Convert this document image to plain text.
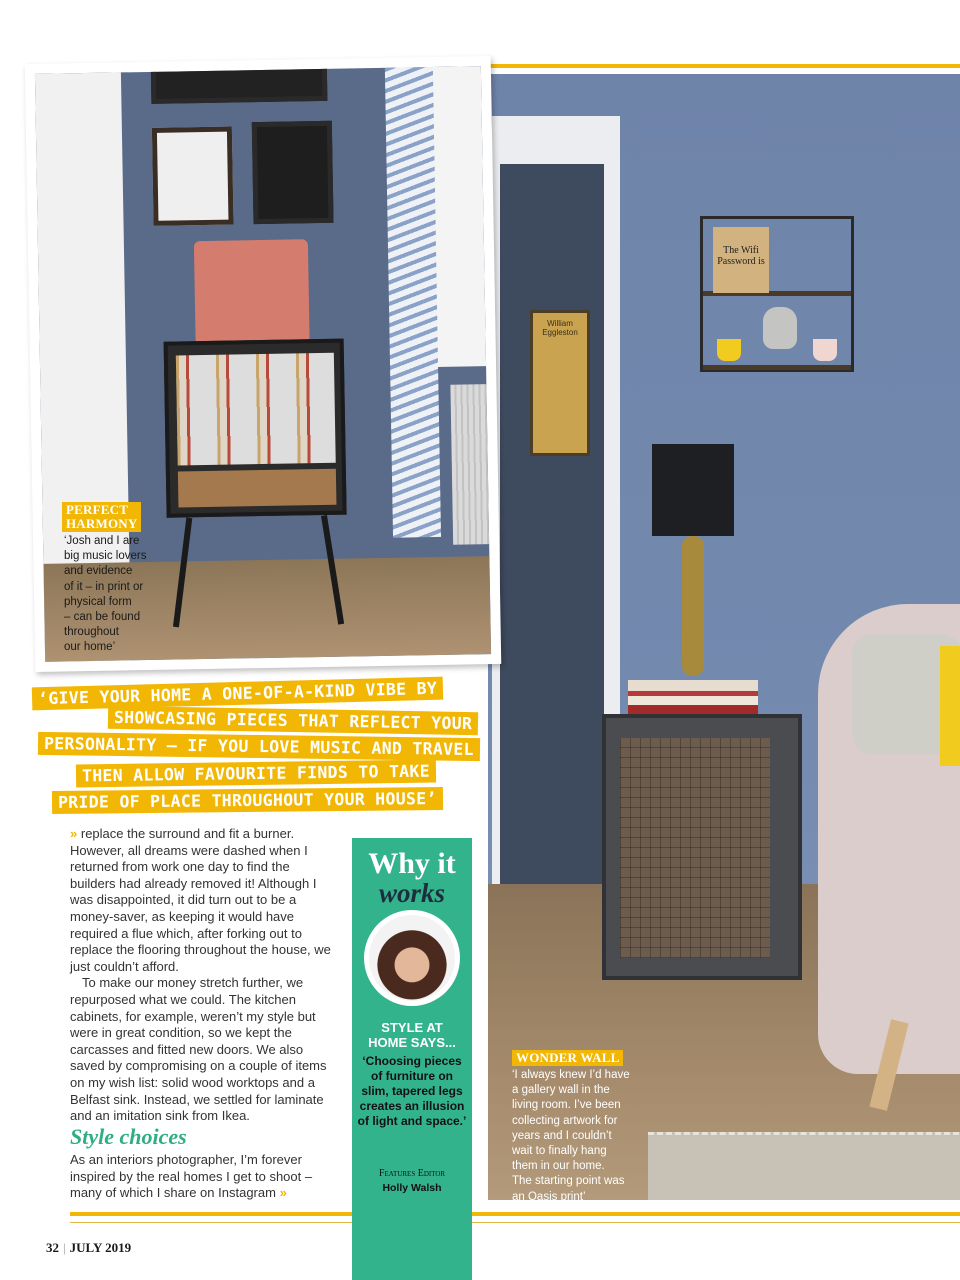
William Eggleston
The Wifi Password is
PERFECT
HARMONY
‘Josh and I are
big music lovers
and evidence
of it – in print or
physical form
– can be found
throughout
our home’
‘GIVE YOUR HOME A ONE-OF-A-KIND VIBE BY
SHOWCASING PIECES THAT REFLECT YOUR
PERSONALITY – IF YOU LOVE MUSIC AND TRAVEL
THEN ALLOW FAVOURITE FINDS TO TAKE
PRIDE OF PLACE THROUGHOUT YOUR HOUSE’

» replace the surround and fit a burner. However, all dreams were dashed when I returned from work one day to find the builders had already removed it! Although I was disappointed, it did turn out to be a money-saver, as keeping it would have required a flue which, after forking out to replace the flooring throughout the house, we just couldn’t afford.

To make our money stretch further, we repurposed what we could. The kitchen cabinets, for example, weren’t my style but were in great condition, so we kept the carcasses and fitted new doors. We also saved by compromising on a couple of items on my wish list: solid wood worktops and a Belfast sink. Instead, we settled for laminate and an imitation sink from Ikea.

Style choices
As an interiors photographer, I’m forever inspired by the real homes I get to shoot – many of which I share on Instagram »
Why it
works
STYLE AT
HOME SAYS...
‘Choosing pieces of furniture on slim, tapered legs creates an illusion of light and space.’
Features Editor
Holly Walsh
WONDER WALL
‘I always knew I’d have
a gallery wall in the
living room. I’ve been
collecting artwork for
years and I couldn’t
wait to finally hang
them in our home.
The starting point was
an Oasis print’
32 | JULY 2019
